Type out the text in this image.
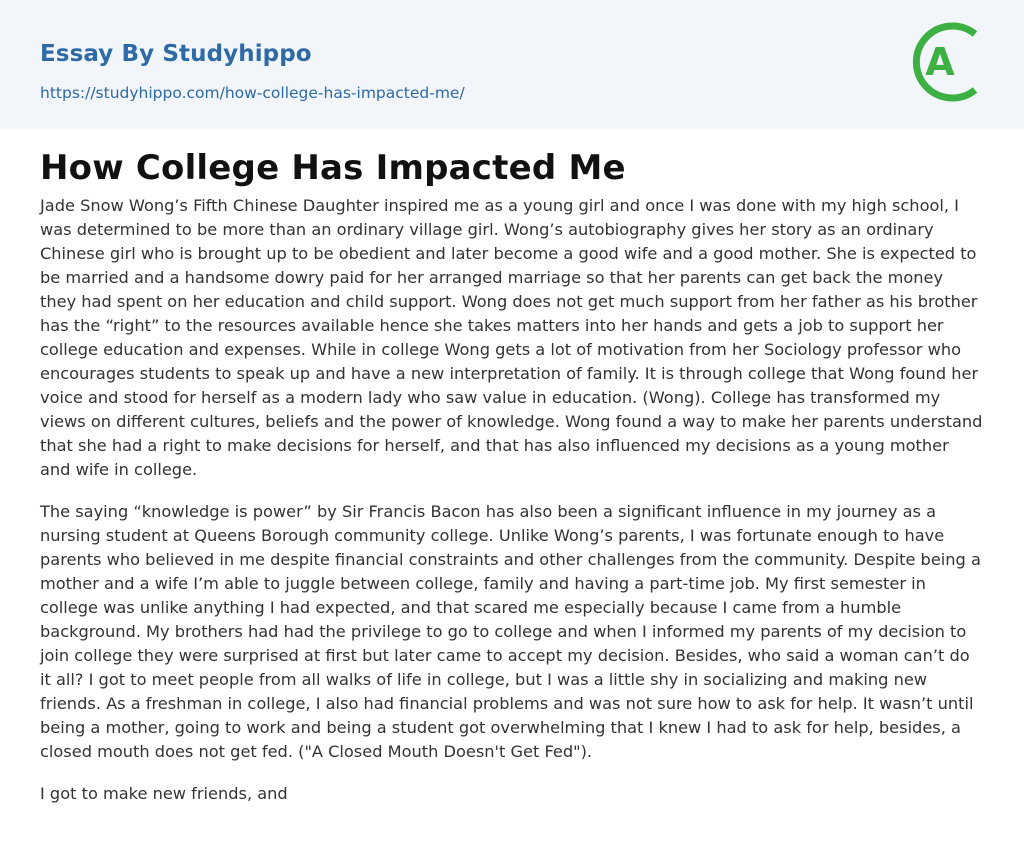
Essay By Studyhippo
https://studyhippo.com/how-college-has-impacted-me/
A
How College Has Impacted Me

Jade Snow Wong’s Fifth Chinese Daughter inspired me as a young girl and once I was done with my high school, I was determined to be more than an ordinary village girl. Wong’s autobiography gives her story as an ordinary Chinese girl who is brought up to be obedient and later become a good wife and a good mother. She is expected to be married and a handsome dowry paid for her arranged marriage so that her parents can get back the money they had spent on her education and child support. Wong does not get much support from her father as his brother has the “right” to the resources available hence she takes matters into her hands and gets a job to support her college education and expenses. While in college Wong gets a lot of motivation from her Sociology professor who encourages students to speak up and have a new interpretation of family. It is through college that Wong found her voice and stood for herself as a modern lady who saw value in education. (Wong). College has transformed my views on different cultures, beliefs and the power of knowledge. Wong found a way to make her parents understand that she had a right to make decisions for herself, and that has also influenced my decisions as a young mother and wife in college.

The saying “knowledge is power” by Sir Francis Bacon has also been a significant influence in my journey as a nursing student at Queens Borough community college. Unlike Wong’s parents, I was fortunate enough to have parents who believed in me despite financial constraints and other challenges from the community. Despite being a mother and a wife I’m able to juggle between college, family and having a part-time job. My first semester in college was unlike anything I had expected, and that scared me especially because I came from a humble background. My brothers had had the privilege to go to college and when I informed my parents of my decision to join college they were surprised at first but later came to accept my decision. Besides, who said a woman can’t do it all? I got to meet people from all walks of life in college, but I was a little shy in socializing and making new friends. As a freshman in college, I also had financial problems and was not sure how to ask for help. It wasn’t until being a mother, going to work and being a student got overwhelming that I knew I had to ask for help, besides, a closed mouth does not get fed. ("A Closed Mouth Doesn't Get Fed").

I got to make new friends, and
